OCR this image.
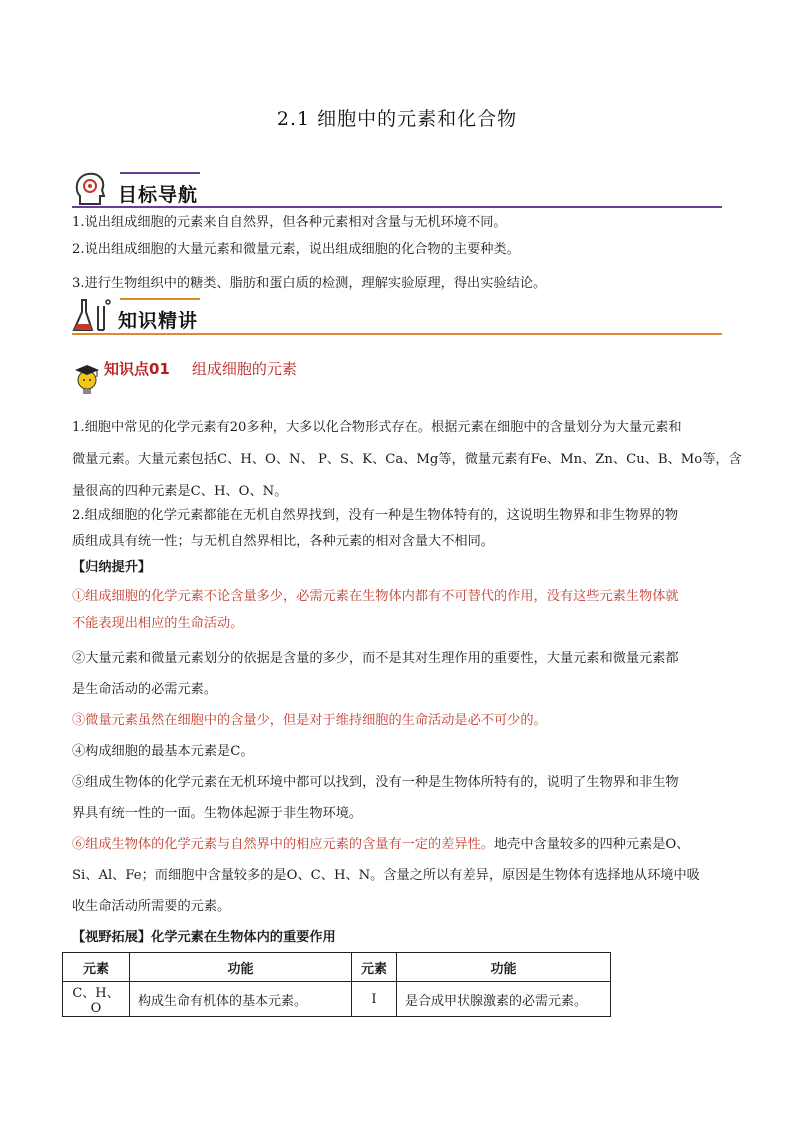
2.1 细胞中的元素和化合物
目标导航
1.说出组成细胞的元素来自自然界，但各种元素相对含量与无机环境不同。
2.说出组成细胞的大量元素和微量元素，说出组成细胞的化合物的主要种类。
3.进行生物组织中的糖类、脂肪和蛋白质的检测，理解实验原理，得出实验结论。
知识精讲
知识点01 组成细胞的元素
1.细胞中常见的化学元素有20多种，大多以化合物形式存在。根据元素在细胞中的含量划分为大量元素和
微量元素。大量元素包括C、H、O、N、 P、S、K、Ca、Mg等，微量元素有Fe、Mn、Zn、Cu、B、Mo等，含
量很高的四种元素是C、H、O、N。
2.组成细胞的化学元素都能在无机自然界找到，没有一种是生物体特有的，这说明生物界和非生物界的物
质组成具有统一性；与无机自然界相比，各种元素的相对含量大不相同。
【归纳提升】
①组成细胞的化学元素不论含量多少，必需元素在生物体内都有不可替代的作用，没有这些元素生物体就
不能表现出相应的生命活动。
②大量元素和微量元素划分的依据是含量的多少，而不是其对生理作用的重要性，大量元素和微量元素都
是生命活动的必需元素。
③微量元素虽然在细胞中的含量少，但是对于维持细胞的生命活动是必不可少的。
④构成细胞的最基本元素是C。
⑤组成生物体的化学元素在无机环境中都可以找到，没有一种是生物体所特有的，说明了生物界和非生物
界具有统一性的一面。生物体起源于非生物环境。
⑥组成生物体的化学元素与自然界中的相应元素的含量有一定的差异性。地壳中含量较多的四种元素是O、
Si、Al、Fe；而细胞中含量较多的是O、C、H、N。含量之所以有差异，原因是生物体有选择地从环境中吸
收生命活动所需要的元素。
【视野拓展】化学元素在生物体内的重要作用
元素	功能	元素	功能
C、H、O	构成生命有机体的基本元素。	I	是合成甲状腺激素的必需元素。
